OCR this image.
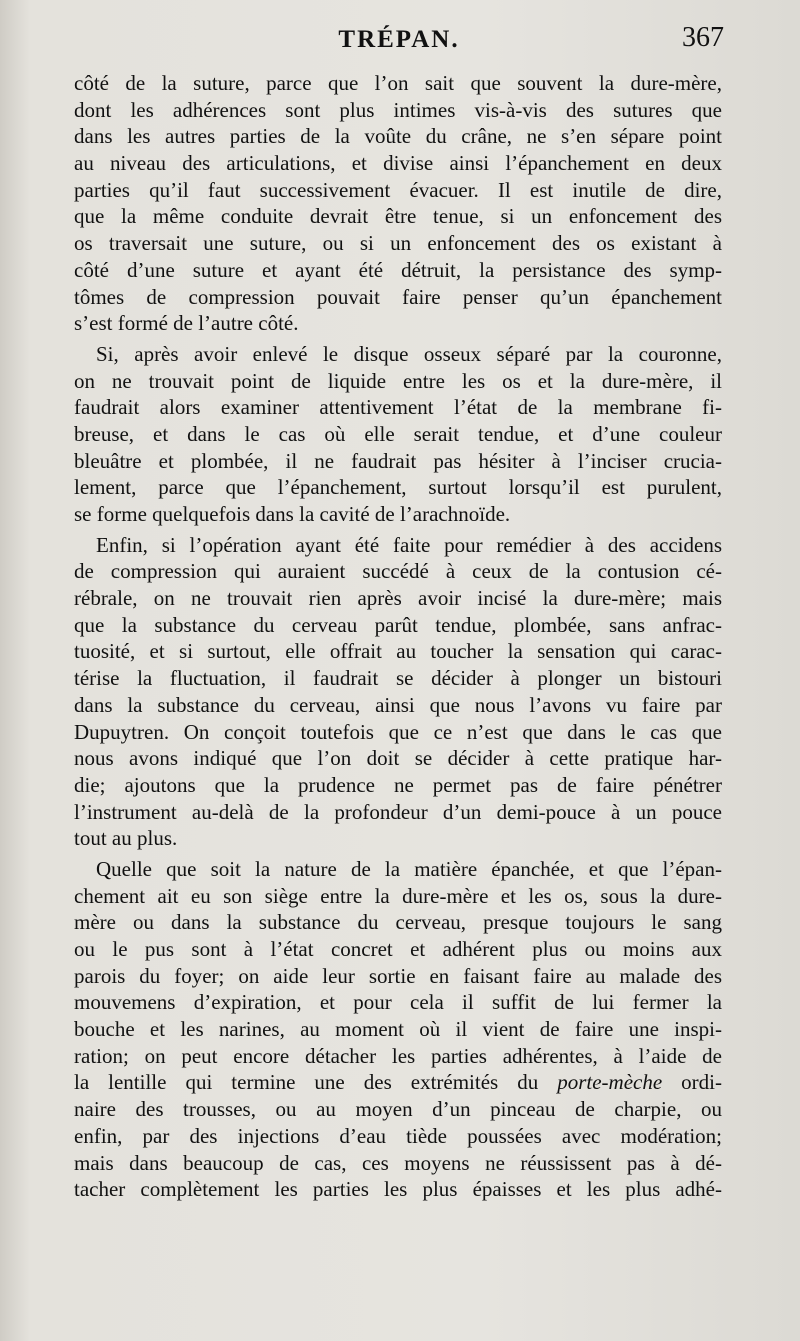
TRÉPAN.	367
côté de la suture, parce que l’on sait que souvent la dure-mère,
dont les adhérences sont plus intimes vis-à-vis des sutures que
dans les autres parties de la voûte du crâne, ne s’en sépare point
au niveau des articulations, et divise ainsi l’épanchement en deux
parties qu’il faut successivement évacuer. Il est inutile de dire,
que la même conduite devrait être tenue, si un enfoncement des
os traversait une suture, ou si un enfoncement des os existant à
côté d’une suture et ayant été détruit, la persistance des symp-
tômes de compression pouvait faire penser qu’un épanchement
s’est formé de l’autre côté.
Si, après avoir enlevé le disque osseux séparé par la couronne,
on ne trouvait point de liquide entre les os et la dure-mère, il
faudrait alors examiner attentivement l’état de la membrane fi-
breuse, et dans le cas où elle serait tendue, et d’une couleur
bleuâtre et plombée, il ne faudrait pas hésiter à l’inciser crucia-
lement, parce que l’épanchement, surtout lorsqu’il est purulent,
se forme quelquefois dans la cavité de l’arachnoïde.
Enfin, si l’opération ayant été faite pour remédier à des accidens
de compression qui auraient succédé à ceux de la contusion cé-
rébrale, on ne trouvait rien après avoir incisé la dure-mère; mais
que la substance du cerveau parût tendue, plombée, sans anfrac-
tuosité, et si surtout, elle offrait au toucher la sensation qui carac-
térise la fluctuation, il faudrait se décider à plonger un bistouri
dans la substance du cerveau, ainsi que nous l’avons vu faire par
Dupuytren. On conçoit toutefois que ce n’est que dans le cas que
nous avons indiqué que l’on doit se décider à cette pratique har-
die; ajoutons que la prudence ne permet pas de faire pénétrer
l’instrument au-delà de la profondeur d’un demi-pouce à un pouce
tout au plus.
Quelle que soit la nature de la matière épanchée, et que l’épan-
chement ait eu son siège entre la dure-mère et les os, sous la dure-
mère ou dans la substance du cerveau, presque toujours le sang
ou le pus sont à l’état concret et adhérent plus ou moins aux
parois du foyer; on aide leur sortie en faisant faire au malade des
mouvemens d’expiration, et pour cela il suffit de lui fermer la
bouche et les narines, au moment où il vient de faire une inspi-
ration; on peut encore détacher les parties adhérentes, à l’aide de
la lentille qui termine une des extrémités du porte-mèche ordi-
naire des trousses, ou au moyen d’un pinceau de charpie, ou
enfin, par des injections d’eau tiède poussées avec modération;
mais dans beaucoup de cas, ces moyens ne réussissent pas à dé-
tacher complètement les parties les plus épaisses et les plus adhé-
